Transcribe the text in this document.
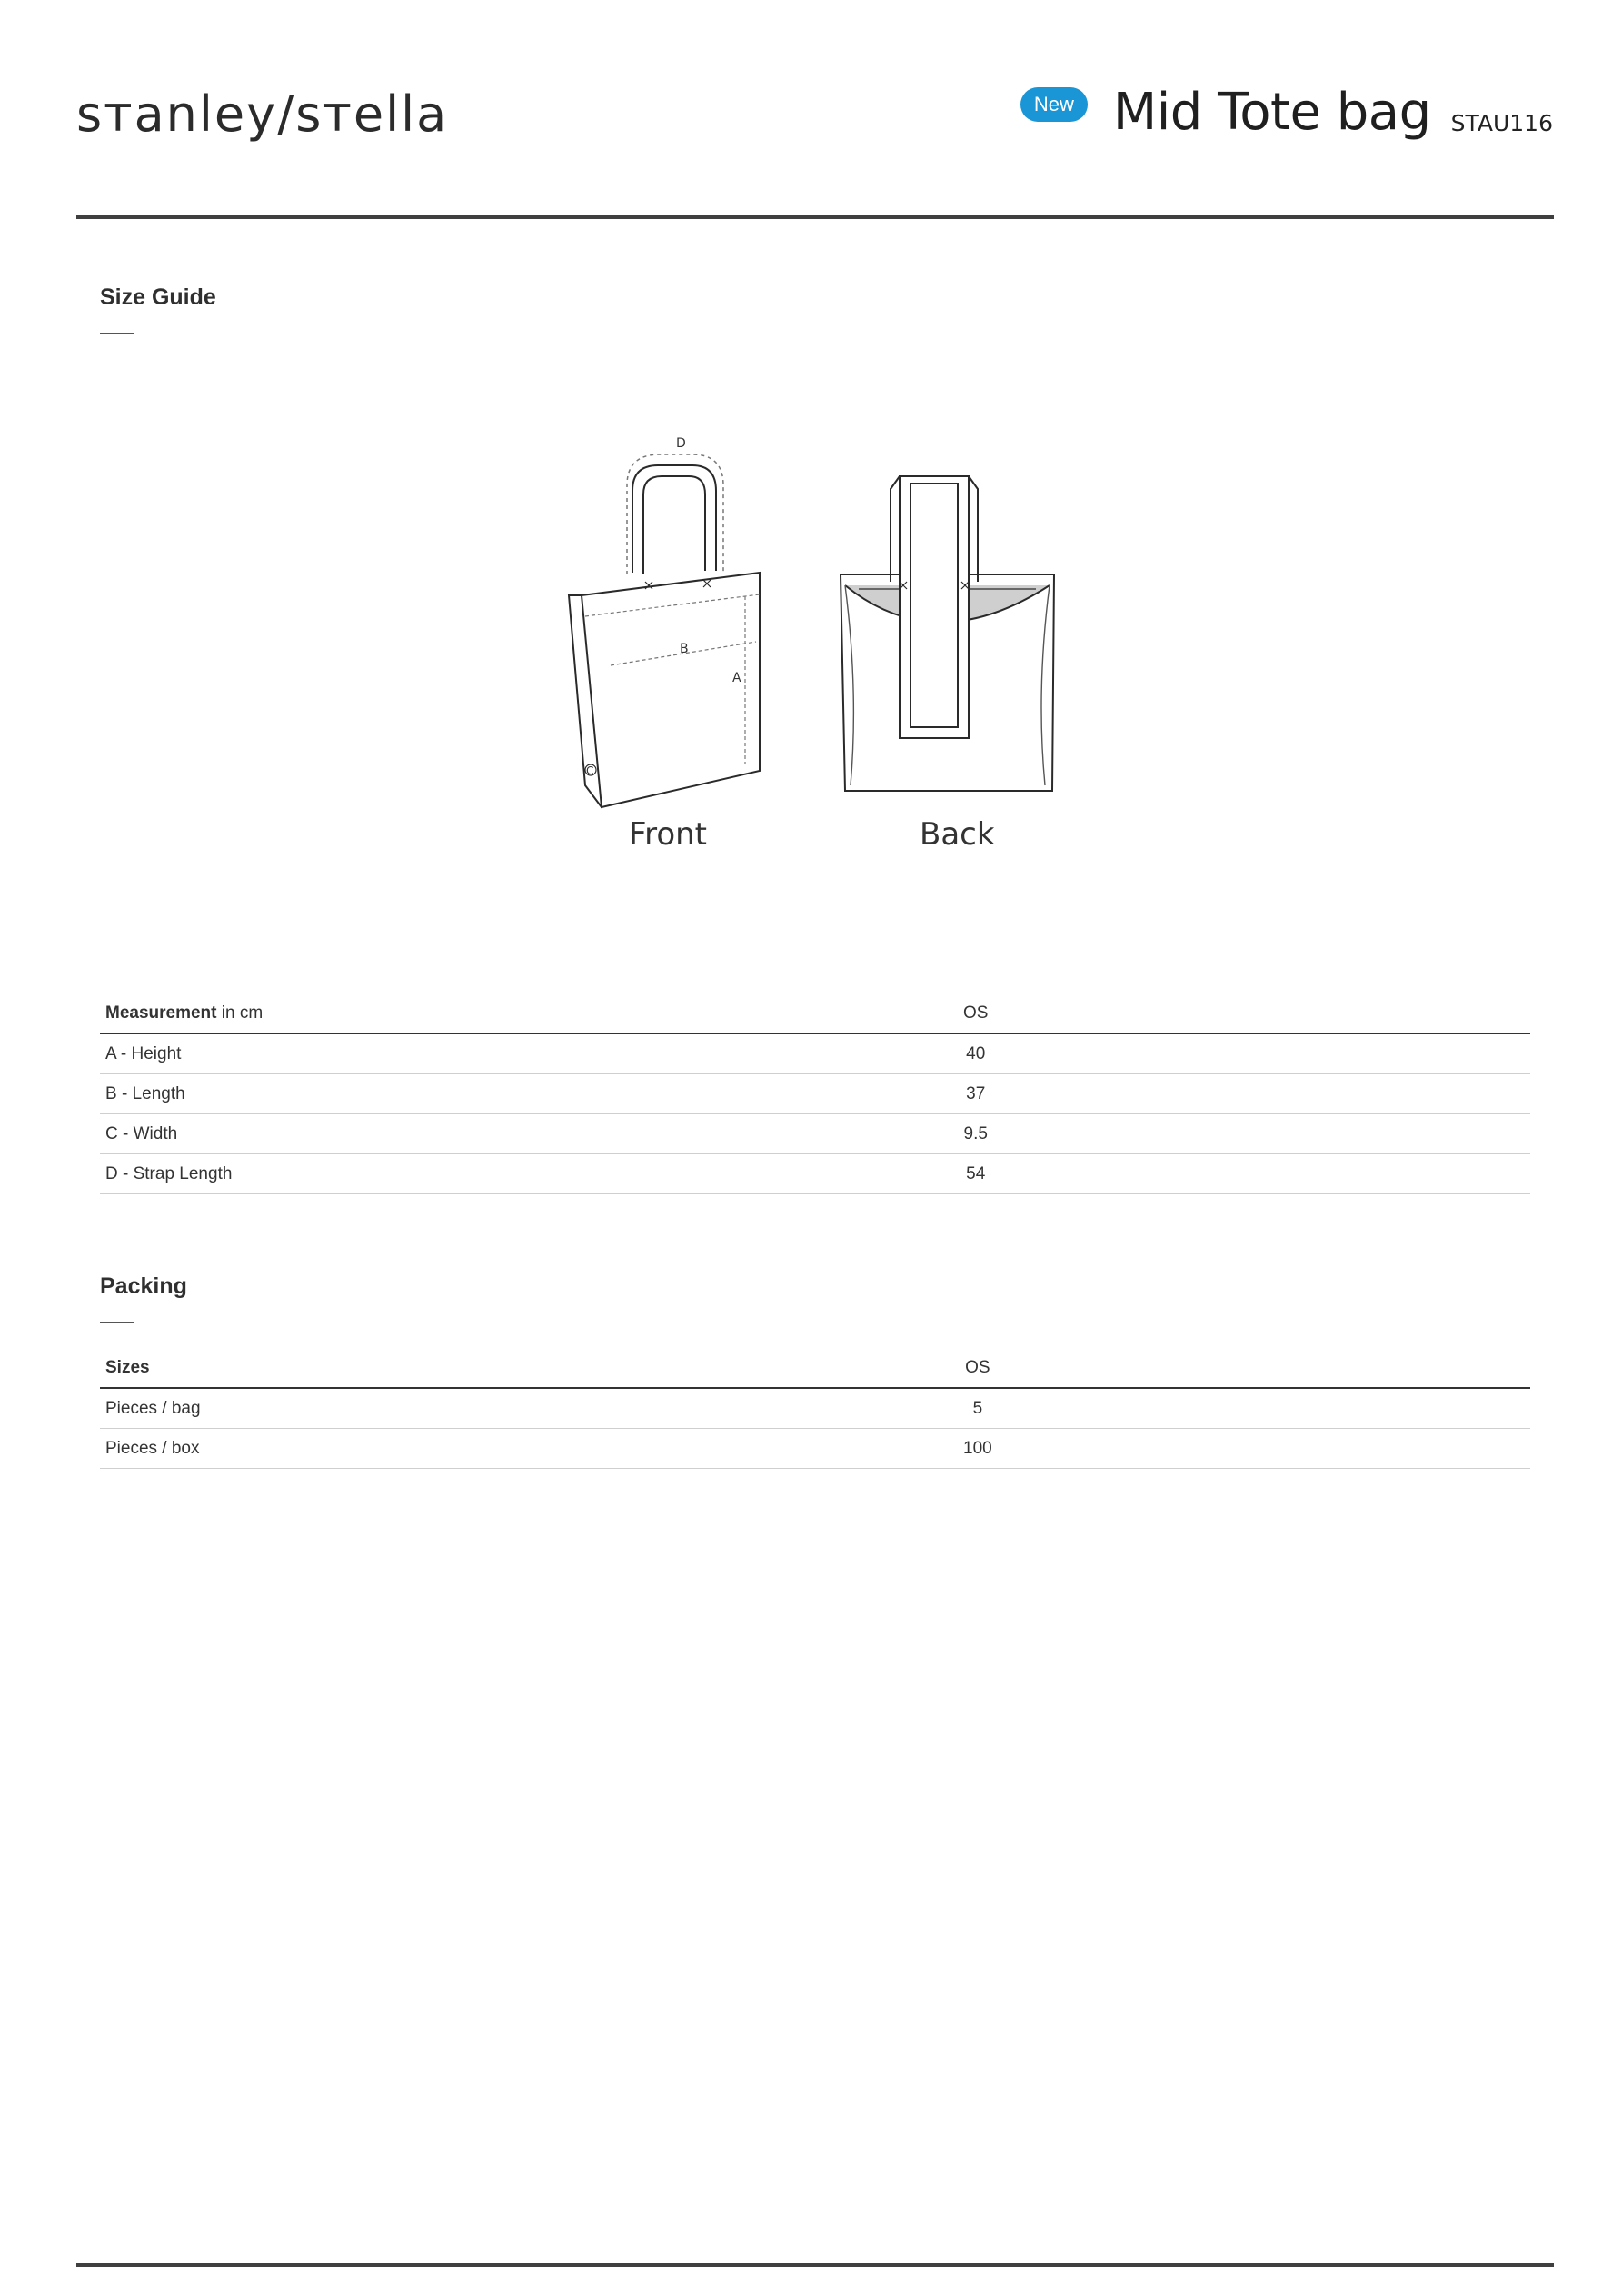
sтanley/sтella	New Mid Tote bag STAU116
Size Guide
D
B
A
C
Front	Back
Measurement in cm	OS	
A - Height	40	
B - Length	37	
C - Width	9.5	
D - Strap Length	54	
Packing
Sizes	OS	
Pieces / bag	5	
Pieces / box	100	
